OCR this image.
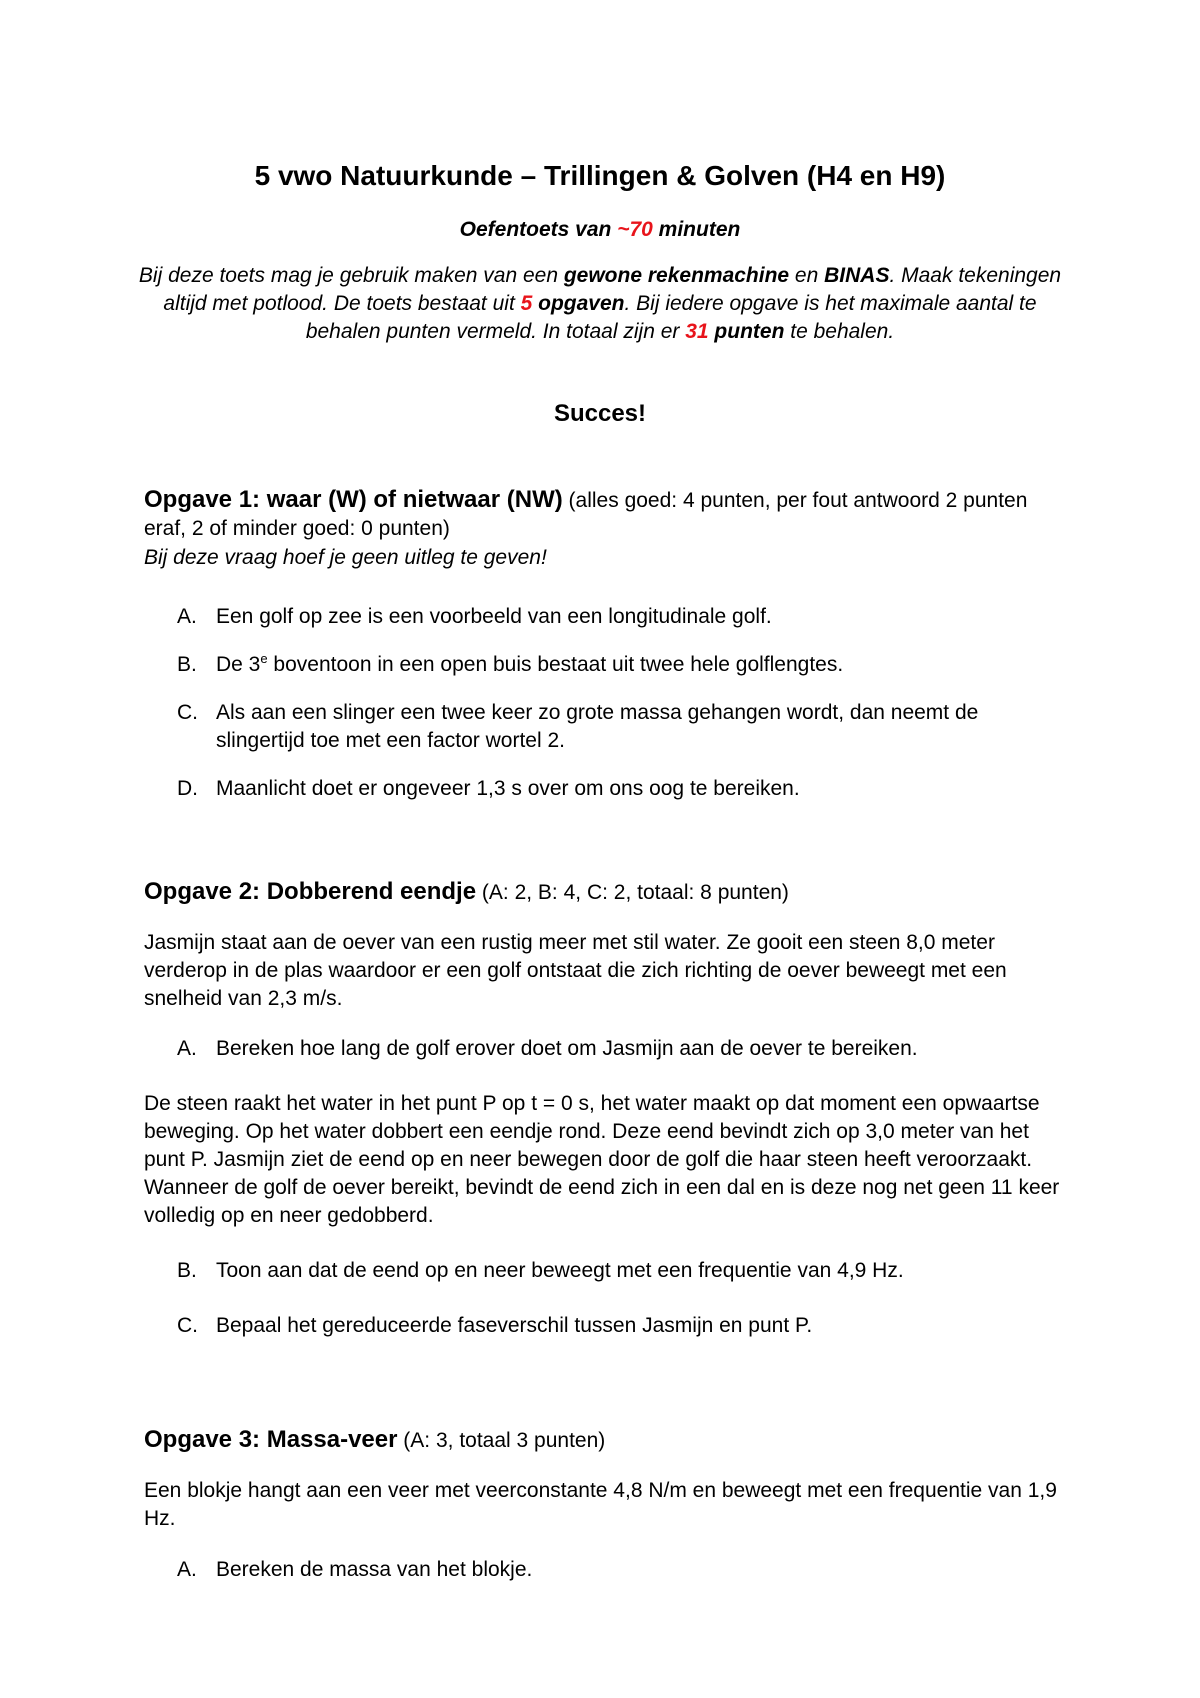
5 vwo Natuurkunde – Trillingen & Golven (H4 en H9)
Oefentoets van ~70 minuten
Bij deze toets mag je gebruik maken van een gewone rekenmachine en BINAS. Maak tekeningen altijd met potlood. De toets bestaat uit 5 opgaven. Bij iedere opgave is het maximale aantal te behalen punten vermeld. In totaal zijn er 31 punten te behalen.
Succes!
Opgave 1: waar (W) of nietwaar (NW) (alles goed: 4 punten, per fout antwoord 2 punten eraf, 2 of minder goed: 0 punten)
Bij deze vraag hoef je geen uitleg te geven!
A. Een golf op zee is een voorbeeld van een longitudinale golf.
B. De 3e boventoon in een open buis bestaat uit twee hele golflengtes.
C. Als aan een slinger een twee keer zo grote massa gehangen wordt, dan neemt de slingertijd toe met een factor wortel 2.
D. Maanlicht doet er ongeveer 1,3 s over om ons oog te bereiken.
Opgave 2: Dobberend eendje (A: 2, B: 4, C: 2, totaal: 8 punten)
Jasmijn staat aan de oever van een rustig meer met stil water. Ze gooit een steen 8,0 meter verderop in de plas waardoor er een golf ontstaat die zich richting de oever beweegt met een snelheid van 2,3 m/s.
A. Bereken hoe lang de golf erover doet om Jasmijn aan de oever te bereiken.
De steen raakt het water in het punt P op t = 0 s, het water maakt op dat moment een opwaartse beweging. Op het water dobbert een eendje rond. Deze eend bevindt zich op 3,0 meter van het punt P. Jasmijn ziet de eend op en neer bewegen door de golf die haar steen heeft veroorzaakt. Wanneer de golf de oever bereikt, bevindt de eend zich in een dal en is deze nog net geen 11 keer volledig op en neer gedobberd.
B. Toon aan dat de eend op en neer beweegt met een frequentie van 4,9 Hz.
C. Bepaal het gereduceerde faseverschil tussen Jasmijn en punt P.
Opgave 3: Massa-veer (A: 3, totaal 3 punten)
Een blokje hangt aan een veer met veerconstante 4,8 N/m en beweegt met een frequentie van 1,9 Hz.
A. Bereken de massa van het blokje.
